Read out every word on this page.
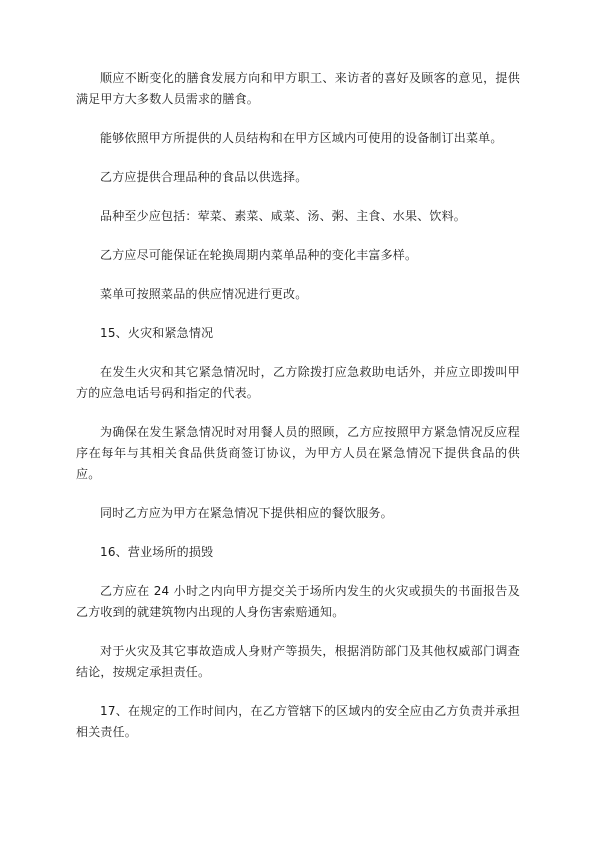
顺应不断变化的膳食发展方向和甲方职工、来访者的喜好及顾客的意见，提供满足甲方大多数人员需求的膳食。

能够依照甲方所提供的人员结构和在甲方区域内可使用的设备制订出菜单。

乙方应提供合理品种的食品以供选择。

品种至少应包括：荤菜、素菜、咸菜、汤、粥、主食、水果、饮料。

乙方应尽可能保证在轮换周期内菜单品种的变化丰富多样。

菜单可按照菜品的供应情况进行更改。

15、火灾和紧急情况

在发生火灾和其它紧急情况时，乙方除拨打应急救助电话外，并应立即拨叫甲方的应急电话号码和指定的代表。

为确保在发生紧急情况时对用餐人员的照顾，乙方应按照甲方紧急情况反应程序在每年与其相关食品供货商签订协议，为甲方人员在紧急情况下提供食品的供应。

同时乙方应为甲方在紧急情况下提供相应的餐饮服务。

16、营业场所的损毁

乙方应在 24 小时之内向甲方提交关于场所内发生的火灾或损失的书面报告及乙方收到的就建筑物内出现的人身伤害索赔通知。

对于火灾及其它事故造成人身财产等损失，根据消防部门及其他权威部门调查结论，按规定承担责任。

17、在规定的工作时间内，在乙方管辖下的区域内的安全应由乙方负责并承担相关责任。
